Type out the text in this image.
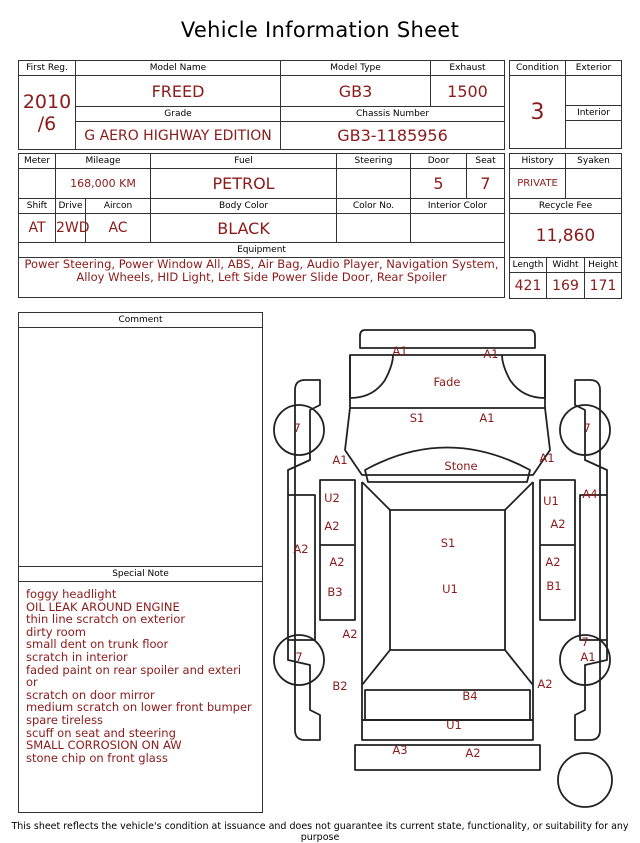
Vehicle Information Sheet
First Reg.	Model Name	Model Type	Exhaust

2010
/6	FREED	GB3	1500
	Grade	Chassis Number	
	G AERO HIGHWAY EDITION	GB3-1185956	
Condition	Exterior
3	
	Interior

Meter	Mileage		Fuel	Steering	Door	Seat
	168,000 KM		PETROL		5	7
Shift	Drive	Aircon	Body Color	Color No.	Interior Color	
AT	2WD	AC	BLACK			
Equipment						
Power Steering, Power Window All, ABS, Air Bag, Audio Player, Navigation System, Alloy Wheels, HID Light, Left Side Power Slide Door, Rear Spoiler						
History		Syaken	
PRIVATE			
Recycle Fee			
11,860			
Length	Widht		Height
421	169		171
Comment
Special Note
foggy headlight
OIL LEAK AROUND ENGINE
thin line scratch on exterior
dirty room
small dent on trunk floor
scratch in interior
faded paint on rear spoiler and exteri
or
scratch on door mirror
medium scratch on lower front bumper
spare tireless
scuff on seat and steering
SMALL CORROSION ON AW
stone chip on front glass
A1	A1
Fade
S1	A1
7	7
A1	Stone
A1
U2
A2
A2
U1
A2
A4
S1
U1
A2
B3
A2
B1
A2
7
7
A1
B2	A2
B4
U1
A3	A2
This sheet reflects the vehicle's condition at issuance and does not guarantee its current state, functionality, or suitability for any purpose
